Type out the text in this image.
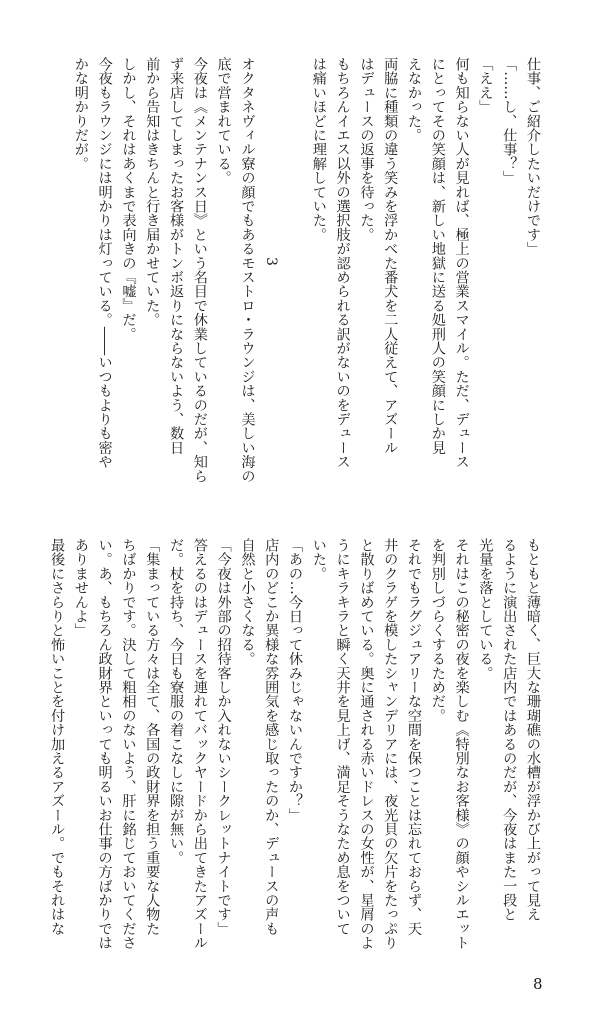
仕事、ご紹介したいだけです」
「……し、仕事？」
「ええ」
何も知らない人が見れば、極上の営業スマイル。ただ、デュース
にとってその笑顔は、新しい地獄に送る処刑人の笑顔にしか見
えなかった。
両脇に種類の違う笑みを浮かべた番犬を二人従えて、アズール
はデュースの返事を待った。
もちろんイエス以外の選択肢が認められる訳がないのをデュース
は痛いほどに理解していた。

3
オクタネヴィル寮の顔でもあるモストロ・ラウンジは、美しい海の
底で営まれている。
今夜は《メンテナンス日》という名目で休業しているのだが、知ら
ず来店してしまったお客様がトンボ返りにならないよう、数日
前から告知はきちんと行き届かせていた。
しかし、それはあくまで表向きの『嘘』だ。
今夜もラウンジには明かりは灯っている。――いつもよりも密や
かな明かりだが。
もともと薄暗く、巨大な珊瑚礁の水槽が浮かび上がって見え
るように演出された店内ではあるのだが、今夜はまた一段と
光量を落としている。
それはこの秘密の夜を楽しむ《特別なお客様》の顔やシルエット
を判別しづらくするためだ。
それでもラグジュアリーな空間を保つことは忘れておらず、天
井のクラゲを模したシャンデリアには、夜光貝の欠片をたっぷり
と散りばめている。奥に通される赤いドレスの女性が、星屑のよ
うにキラキラと瞬く天井を見上げ、満足そうなため息をついて
いた。
「あの…今日って休みじゃないんですか？」
店内のどこか異様な雰囲気を感じ取ったのか、デュースの声も
自然と小さくなる。
「今夜は外部の招待客しか入れないシークレットナイトです」
答えるのはデュースを連れてバックヤードから出てきたアズール
だ。杖を持ち、今日も寮服の着こなしに隙が無い。
「集まっている方々は全て、各国の政財界を担う重要な人物た
ちばかりです。決して粗相のないよう、肝に銘じておいてくださ
い。あ、もちろん政財界といっても明るいお仕事の方ばかりでは
ありませんよ」
最後にさらりと怖いことを付け加えるアズール。でもそれはな
8
